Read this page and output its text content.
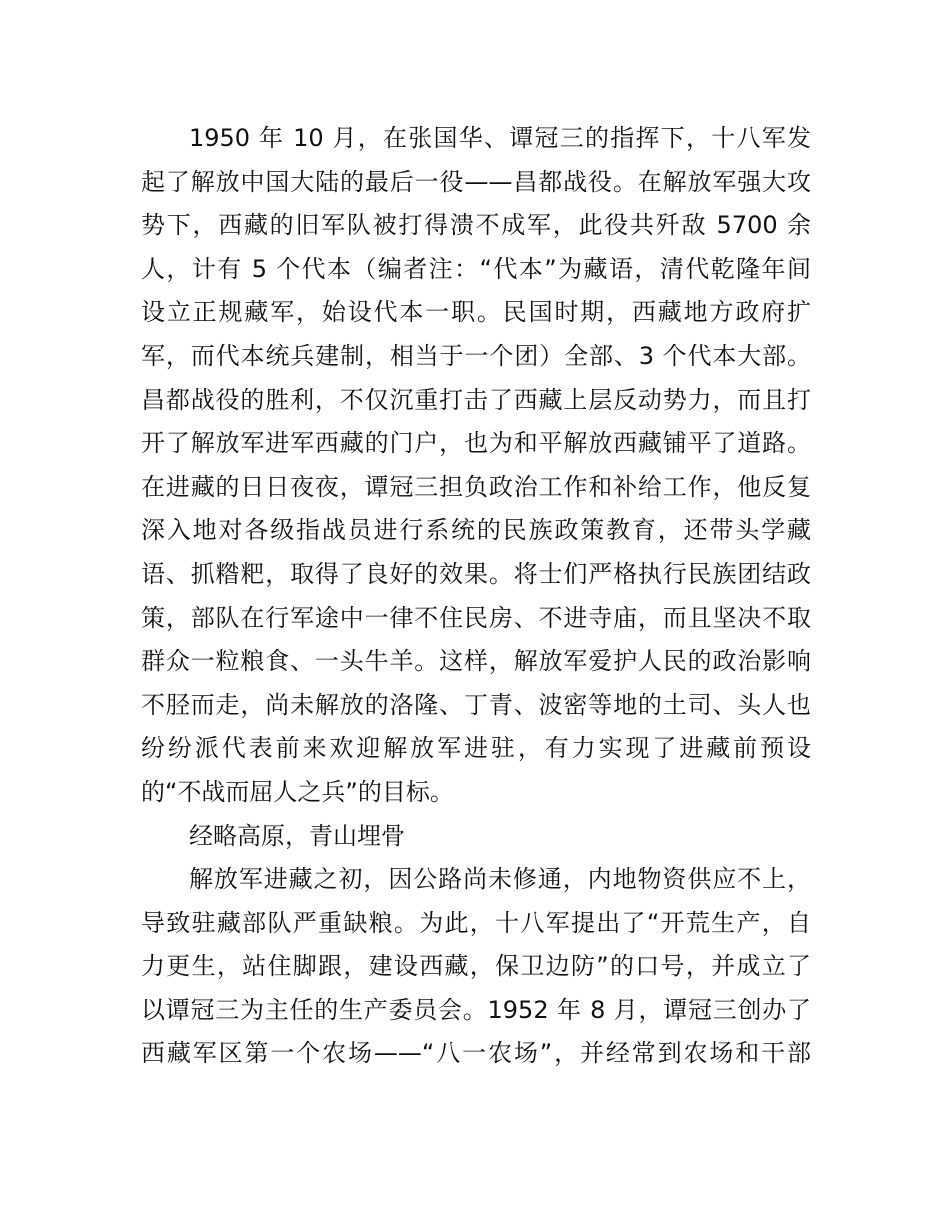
1950 年 10 月，在张国华、谭冠三的指挥下，十八军发
起了解放中国大陆的最后一役——昌都战役。在解放军强大攻
势下，西藏的旧军队被打得溃不成军，此役共歼敌 5700 余
人，计有 5 个代本（编者注：“代本”为藏语，清代乾隆年间
设立正规藏军，始设代本一职。民国时期，西藏地方政府扩
军，而代本统兵建制，相当于一个团）全部、3 个代本大部。
昌都战役的胜利，不仅沉重打击了西藏上层反动势力，而且打
开了解放军进军西藏的门户，也为和平解放西藏铺平了道路。
在进藏的日日夜夜，谭冠三担负政治工作和补给工作，他反复
深入地对各级指战员进行系统的民族政策教育，还带头学藏
语、抓糌粑，取得了良好的效果。将士们严格执行民族团结政
策，部队在行军途中一律不住民房、不进寺庙，而且坚决不取
群众一粒粮食、一头牛羊。这样，解放军爱护人民的政治影响
不胫而走，尚未解放的洛隆、丁青、波密等地的土司、头人也
纷纷派代表前来欢迎解放军进驻，有力实现了进藏前预设
的“不战而屈人之兵”的目标。
经略高原，青山埋骨
解放军进藏之初，因公路尚未修通，内地物资供应不上，
导致驻藏部队严重缺粮。为此，十八军提出了“开荒生产，自
力更生，站住脚跟，建设西藏，保卫边防”的口号，并成立了
以谭冠三为主任的生产委员会。1952 年 8 月，谭冠三创办了
西藏军区第一个农场——“八一农场”，并经常到农场和干部
